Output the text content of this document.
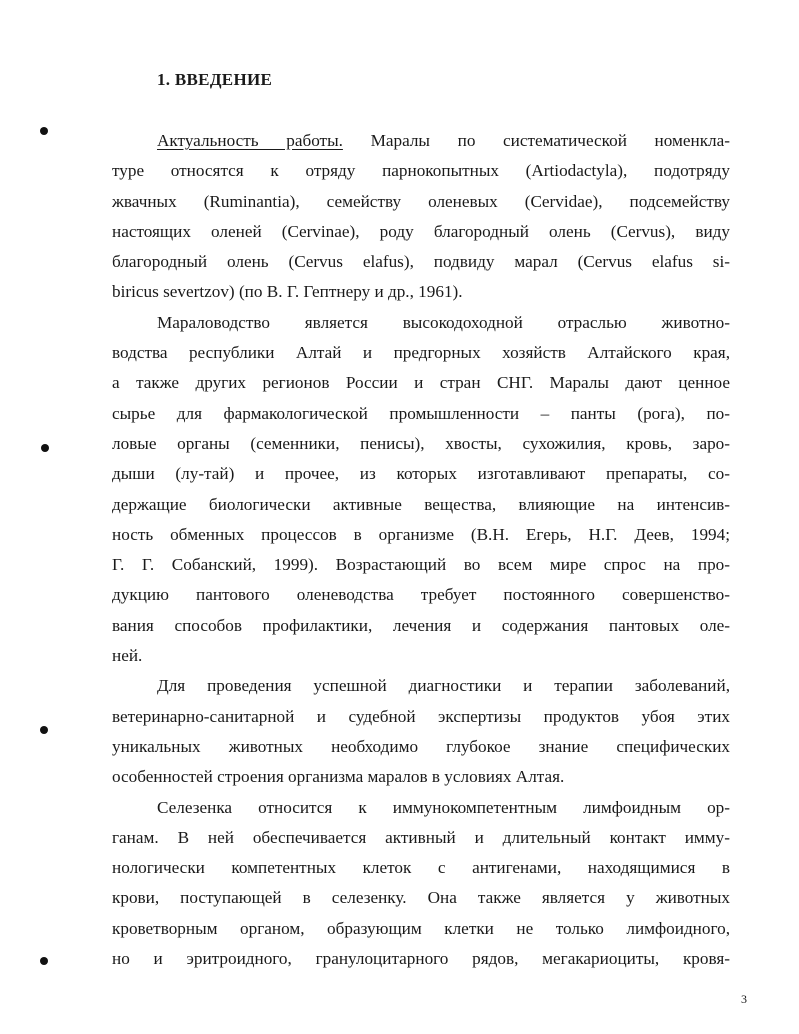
1. ВВЕДЕНИЕ

Актуальность работы. Маралы по систематической номенкла-
туре относятся к отряду парнокопытных (Artiodactyla), подотряду
жвачных (Ruminantia), семейству оленевых (Cervidae), подсемейству
настоящих оленей (Cervinae), роду благородный олень (Cervus), виду
благородный олень (Cervus elafus), подвиду марал (Cervus elafus si-
biricus severtzov) (по В. Г. Гептнеру и др., 1961).

Мараловодство является высокодоходной отраслью животно-
водства республики Алтай и предгорных хозяйств Алтайского края,
а также других регионов России и стран СНГ. Маралы дают ценное
сырье для фармакологической промышленности – панты (рога), по-
ловые органы (семенники, пенисы), хвосты, сухожилия, кровь, заро-
дыши (лу-тай) и прочее, из которых изготавливают препараты, со-
держащие биологически активные вещества, влияющие на интенсив-
ность обменных процессов в организме (В.Н. Егерь, Н.Г. Деев, 1994;
Г. Г. Собанский, 1999). Возрастающий во всем мире спрос на про-
дукцию пантового оленеводства требует постоянного совершенство-
вания способов профилактики, лечения и содержания пантовых оле-
ней.

Для проведения успешной диагностики и терапии заболеваний,
ветеринарно-санитарной и судебной экспертизы продуктов убоя этих
уникальных животных необходимо глубокое знание специфических
особенностей строения организма маралов в условиях Алтая.

Селезенка относится к иммунокомпетентным лимфоидным ор-
ганам. В ней обеспечивается активный и длительный контакт имму-
нологически компетентных клеток с антигенами, находящимися в
крови, поступающей в селезенку. Она также является у животных
кроветворным органом, образующим клетки не только лимфоидного,
но и эритроидного, гранулоцитарного рядов, мегакариоциты, кровя-

3
